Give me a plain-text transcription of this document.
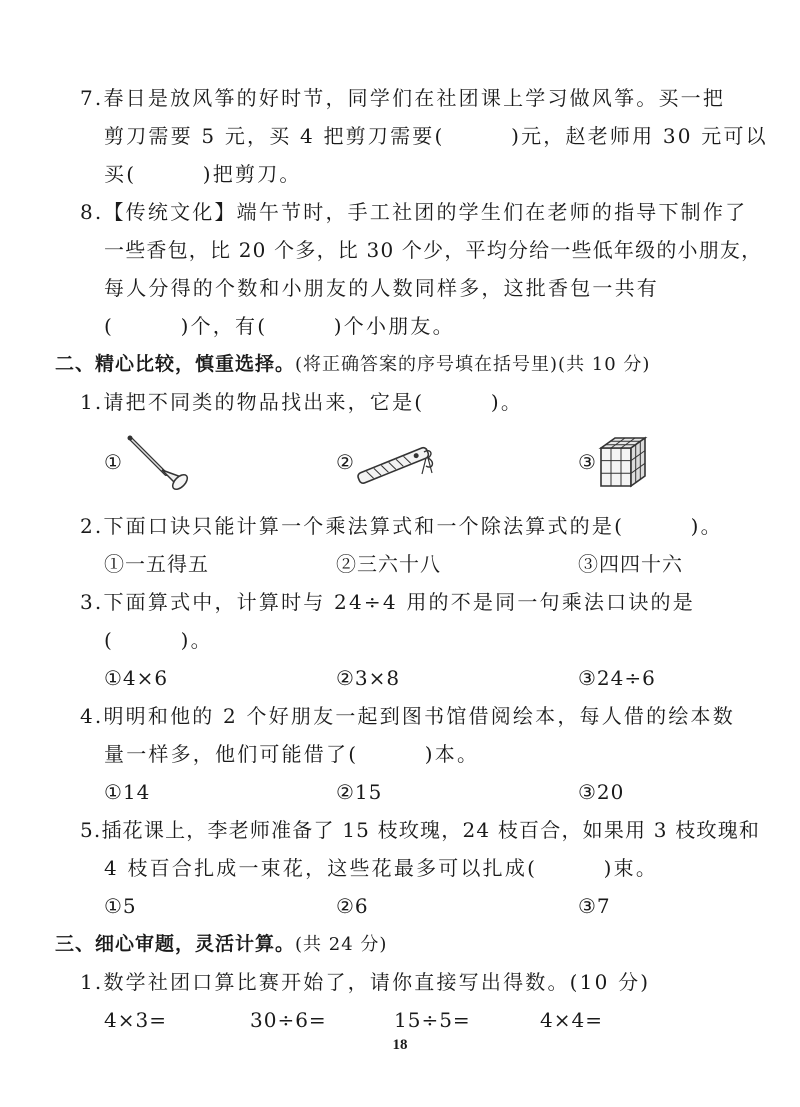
7.春日是放风筝的好时节，同学们在社团课上学习做风筝。买一把
剪刀需要 5 元，买 4 把剪刀需要(　　　)元，赵老师用 30 元可以
买(　　　)把剪刀。
8.【传统文化】端午节时，手工社团的学生们在老师的指导下制作了
一些香包，比 20 个多，比 30 个少，平均分给一些低年级的小朋友，
每人分得的个数和小朋友的人数同样多，这批香包一共有
(　　　)个，有(　　　)个小朋友。
二、精心比较，慎重选择。(将正确答案的序号填在括号里)(共 10 分)
1.请把不同类的物品找出来，它是(　　　)。
①	②	③
2.下面口诀只能计算一个乘法算式和一个除法算式的是(　　　)。
①一五得五	②三六十八	③四四十六
3.下面算式中，计算时与 24÷4 用的不是同一句乘法口诀的是
(　　　)。
①4×6	②3×8	③24÷6
4.明明和他的 2 个好朋友一起到图书馆借阅绘本，每人借的绘本数
量一样多，他们可能借了(　　　)本。
①14	②15	③20
5.插花课上，李老师准备了 15 枝玫瑰，24 枝百合，如果用 3 枝玫瑰和
4 枝百合扎成一束花，这些花最多可以扎成(　　　)束。
①5	②6	③7
三、细心审题，灵活计算。(共 24 分)
1.数学社团口算比赛开始了，请你直接写出得数。(10 分)
4×3=	30÷6=	15÷5=	4×4=
18
